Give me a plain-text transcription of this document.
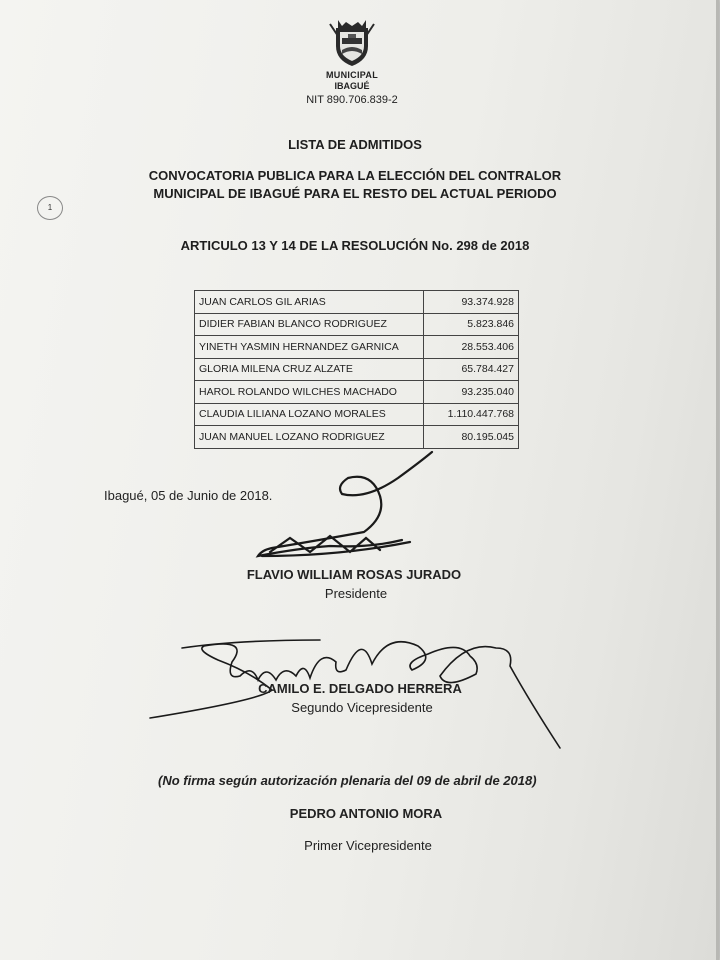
MUNICIPAL
IBAGUÉ
NIT 890.706.839-2
1
LISTA DE ADMITIDOS
CONVOCATORIA PUBLICA PARA LA ELECCIÓN DEL CONTRALOR
MUNICIPAL DE IBAGUÉ PARA EL RESTO DEL ACTUAL PERIODO
ARTICULO 13 Y 14 DE LA RESOLUCIÓN No. 298 de 2018
JUAN CARLOS GIL ARIAS	93.374.928
DIDIER FABIAN BLANCO RODRIGUEZ	5.823.846
YINETH YASMIN HERNANDEZ GARNICA	28.553.406
GLORIA MILENA CRUZ ALZATE	65.784.427
HAROL ROLANDO WILCHES MACHADO	93.235.040
CLAUDIA LILIANA LOZANO MORALES	1.110.447.768
JUAN MANUEL LOZANO RODRIGUEZ	80.195.045
Ibagué, 05 de Junio de 2018.
FLAVIO WILLIAM ROSAS JURADO
Presidente
CAMILO E. DELGADO HERRERA
Segundo Vicepresidente
(No firma según autorización plenaria del 09 de abril de 2018)
PEDRO ANTONIO MORA
Primer Vicepresidente
